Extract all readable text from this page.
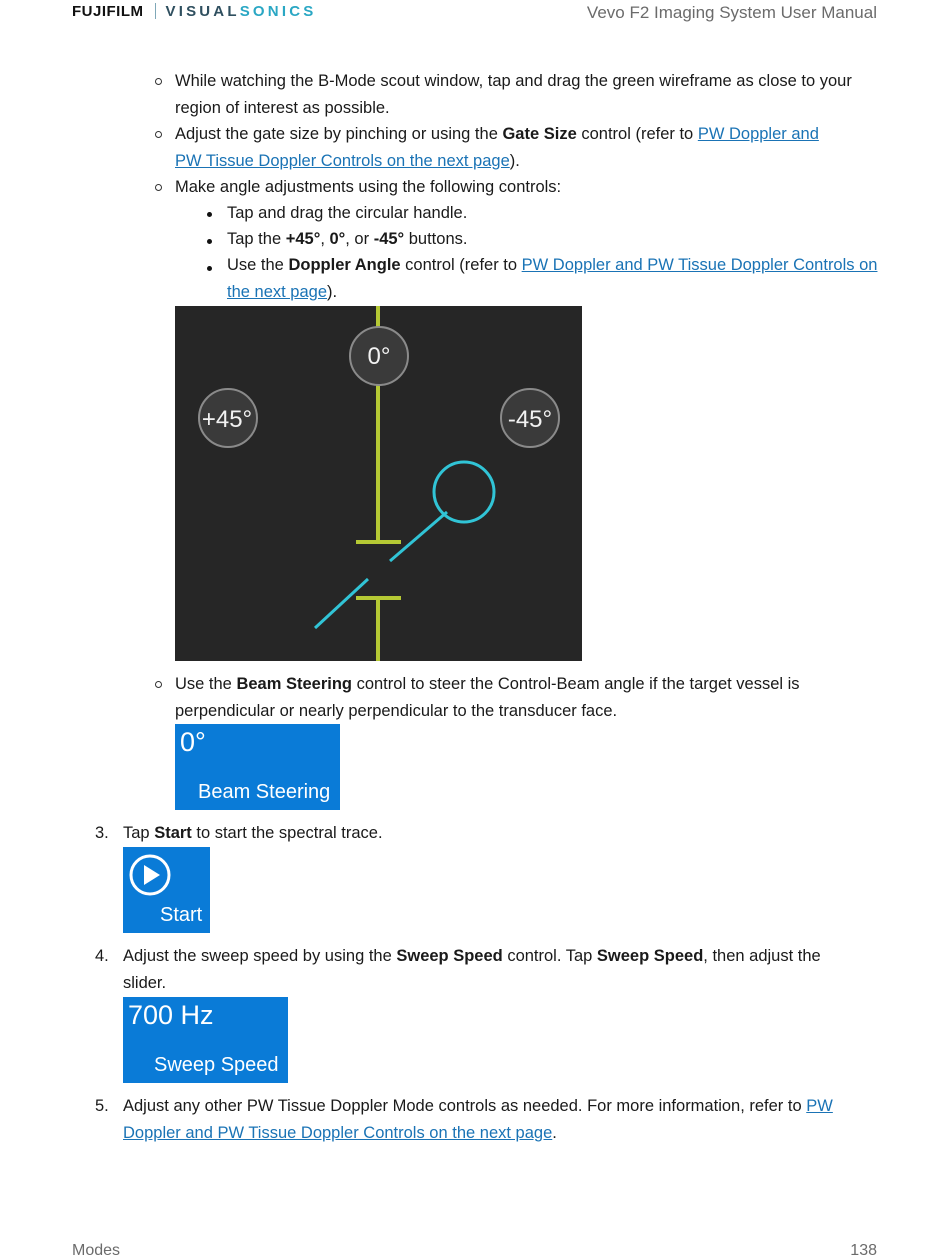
FUJIFILM VISUAL SONICS	Vevo F2 Imaging System User Manual
While watching the B-Mode scout window, tap and drag the green wireframe as close to your region of interest as possible.
Adjust the gate size by pinching or using the Gate Size control (refer to PW Doppler and PW Tissue Doppler Controls on the next page).
Make angle adjustments using the following controls:
Tap and drag the circular handle.
Tap the +45°, 0°, or -45° buttons.
Use the Doppler Angle control (refer to PW Doppler and PW Tissue Doppler Controls on the next page).
0°
+45°	-45°
Use the Beam Steering control to steer the Control-Beam angle if the target vessel is perpendicular or nearly perpendicular to the transducer face.
0°
Beam Steering
3. Tap Start to start the spectral trace.
Start
4. Adjust the sweep speed by using the Sweep Speed control. Tap Sweep Speed, then adjust the slider.
700 Hz
Sweep Speed
5. Adjust any other PW Tissue Doppler Mode controls as needed. For more information, refer to PW Doppler and PW Tissue Doppler Controls on the next page.
Modes	138
